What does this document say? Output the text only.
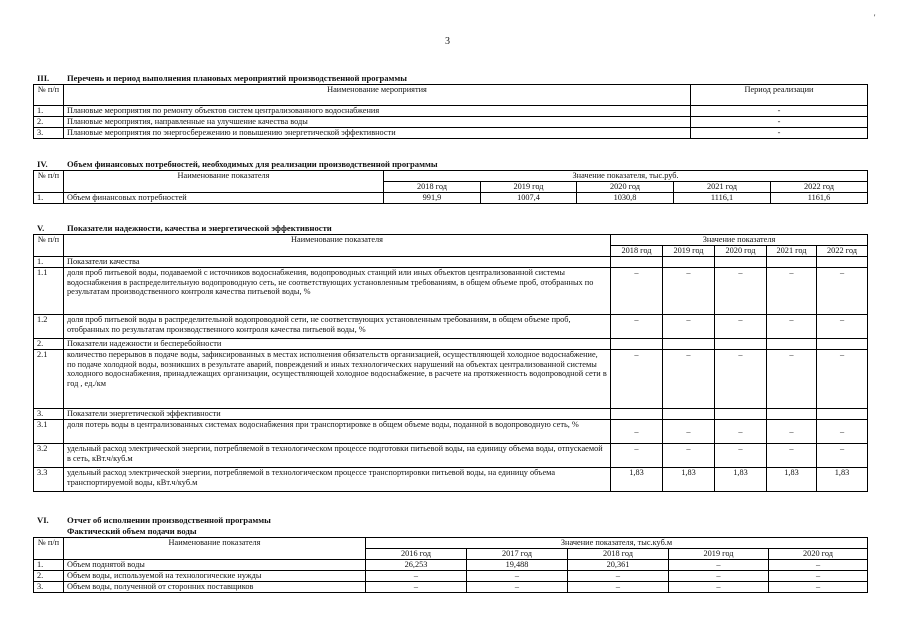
'
3
III. Перечень и период выполнения плановых мероприятий производственной программы
№ п/п	Наименование мероприятия	Период реализации
1.	Плановые мероприятия по ремонту объектов систем централизованного водоснабжения	-
2.	Плановые мероприятия, направленные на улучшение качества воды	-
3.	Плановые мероприятия по энергосбережению и повышению энергетической эффективности	-
IV. Объем финансовых потребностей, необходимых для реализации производственной программы
№ п/п	Наименование показателя	Значение показателя, тыс.руб.				
		2018 год	2019 год	2020 год	2021 год	2022 год
1.	Объем финансовых потребностей	991,9	1007,4	1030,8	1116,1	1161,6
V.	Показатели надежности, качества и энергетической эффективности
№ п/п	Наименование показателя	Значение показателя				
		2018 год	2019 год	2020 год	2021 год	2022 год
1.	Показатели качества					
1.1	доля проб питьевой воды, подаваемой с источников водоснабжения, водопроводных станций или иных объектов централизованной системы водоснабжения в распределительную водопроводную сеть, не соответствующих установленным требованиям, в общем объеме проб, отобранных по результатам производственного контроля качества питьевой воды, %	–	–	–	–	–
1.2	доля проб питьевой воды в распределительной водопроводной сети, не соответствующих установленным требованиям, в общем объеме проб, отобранных по результатам производственного контроля качества питьевой воды, %	–	–	–	–	–
2.	Показатели надежности и бесперебойности					
2.1	количество перерывов в подаче воды, зафиксированных в местах исполнения обязательств организацией, осуществляющей холодное водоснабжение, по подаче холодной воды, возникших в результате аварий, повреждений и иных технологических нарушений на объектах централизованной системы холодного водоснабжения, принадлежащих организации, осуществляющей холодное водоснабжение, в расчете на протяженность водопроводной сети в год , ед./км	–	–	–	–	–
3.	Показатели энергетической эффективности					
3.1	доля потерь воды в централизованных системах водоснабжения при транспортировке в общем объеме воды, поданной в водопроводную сеть, %	–	–	–	–	–
3.2	удельный расход электрической энергии, потребляемой в технологическом процессе подготовки питьевой воды, на единицу объема воды, отпускаемой в сеть, кВт.ч/куб.м	–	–	–	–	–
3.3	удельный расход электрической энергии, потребляемой в технологическом процессе транспортировки питьевой воды, на единицу объема транспортируемой воды, кВт.ч/куб.м	1,83	1,83	1,83	1,83	1,83
VI. Отчет об исполнении производственной программы
Фактический объем подачи воды
№ п/п	Наименование показателя	Значение показателя, тыс.куб.м				
		2016 год	2017 год	2018 год	2019 год	2020 год
1.	Объем поднятой воды	26,253	19,488	20,361	–	–
2.	Объем воды, используемой на технологические нужды	–	–	–	–	–
3.	Объем воды, полученной от сторонних поставщиков	–	–	–	–	–
